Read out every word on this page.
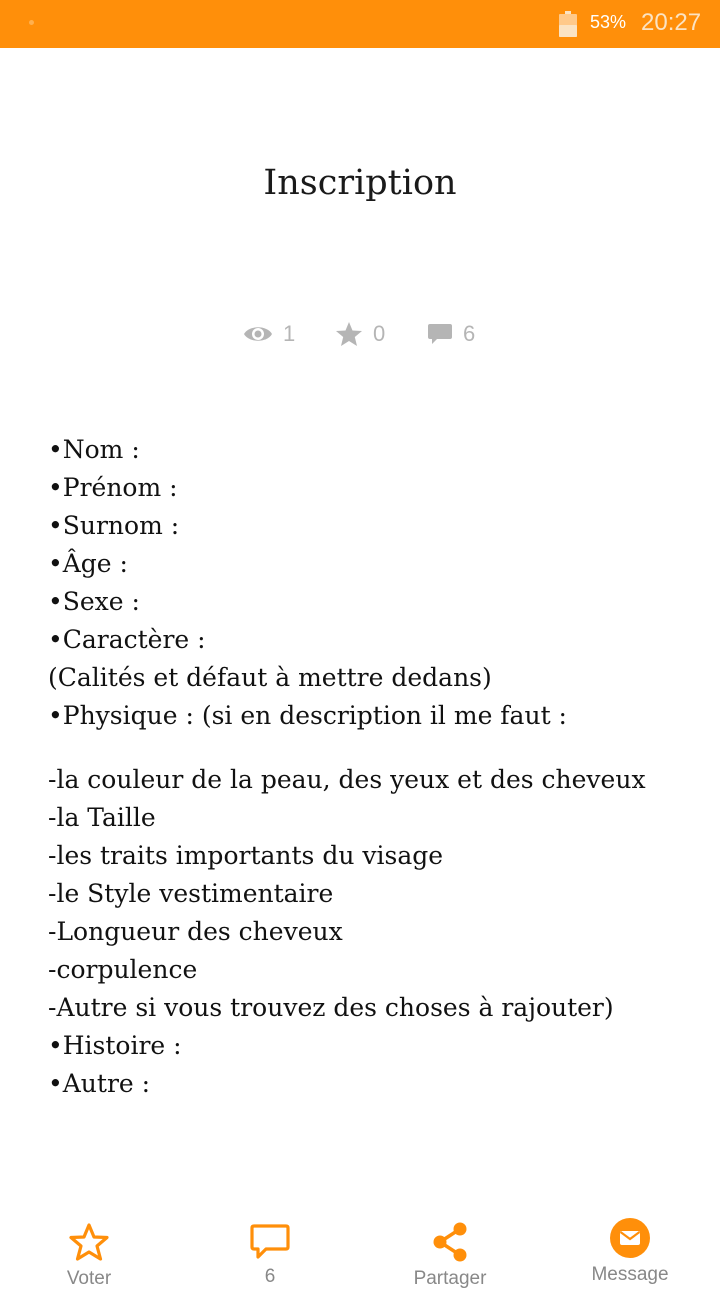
53% 20:27
Inscription
1	0	6
•Nom :
•Prénom :
•Surnom :
•Âge :
•Sexe :
•Caractère :
(Calités et défaut à mettre dedans)
•Physique : (si en description il me faut :
-la couleur de la peau, des yeux et des cheveux
-la Taille
-les traits importants du visage
-le Style vestimentaire
-Longueur des cheveux
-corpulence
-Autre si vous trouvez des choses à rajouter)
•Histoire :
•Autre :
Voter	6	Partager	Message
